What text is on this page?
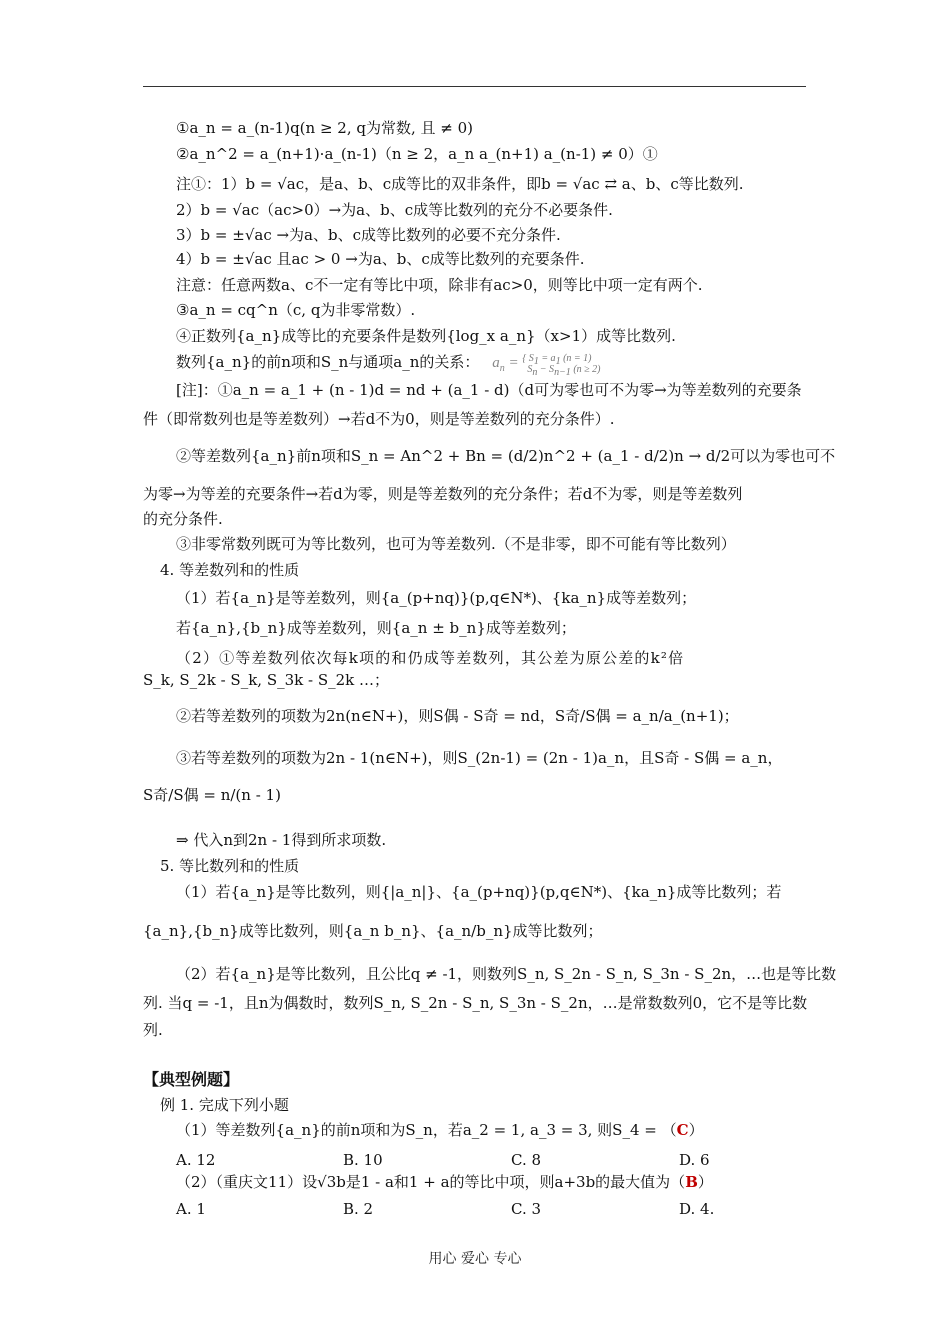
①a_n = a_(n-1)q(n ≥ 2, q为常数, 且 ≠ 0)
②a_n^2 = a_(n+1)·a_(n-1)（n ≥ 2，a_n a_(n+1) a_(n-1) ≠ 0）①
注①：1）b = √ac，是a、b、c成等比的双非条件，即b = √ac ⇄ a、b、c等比数列.
2）b = √ac（ac>0）→为a、b、c成等比数列的充分不必要条件.
3）b = ±√ac →为a、b、c成等比数列的必要不充分条件.
4）b = ±√ac 且ac > 0 →为a、b、c成等比数列的充要条件.
注意：任意两数a、c不一定有等比中项，除非有ac>0，则等比中项一定有两个.
③a_n = cq^n（c, q为非零常数）.
④正数列{a_n}成等比的充要条件是数列{log_x a_n}（x>1）成等比数列.
数列{a_n}的前n项和S_n与通项a_n的关系： $a_n$ = { $S_1 = a_1$ (n = 1)
$S_n - S_{n-1}$ (n ≥ 2)
[注]：①a_n = a_1 + (n - 1)d = nd + (a_1 - d)（d可为零也可不为零→为等差数列的充要条
件（即常数列也是等差数列）→若d不为0，则是等差数列的充分条件）.
②等差数列{a_n}前n项和S_n = An^2 + Bn = (d/2)n^2 + (a_1 - d/2)n → d/2可以为零也可不
为零→为等差的充要条件→若d为零，则是等差数列的充分条件；若d不为零，则是等差数列
的充分条件.
③非零常数列既可为等比数列，也可为等差数列.（不是非零，即不可能有等比数列）
4. 等差数列和的性质
（1）若{a_n}是等差数列，则{a_(p+nq)}(p,q∈N*)、{ka_n}成等差数列；
若{a_n},{b_n}成等差数列，则{a_n ± b_n}成等差数列；
（2）①等差数列依次每k项的和仍成等差数列，其公差为原公差的k²倍
S_k, S_2k - S_k, S_3k - S_2k …；
②若等差数列的项数为2n(n∈N+)，则S偶 - S奇 = nd，S奇/S偶 = a_n/a_(n+1)；
③若等差数列的项数为2n - 1(n∈N+)，则S_(2n-1) = (2n - 1)a_n，且S奇 - S偶 = a_n，
S奇/S偶 = n/(n - 1)
⇒ 代入n到2n - 1得到所求项数.
5. 等比数列和的性质
（1）若{a_n}是等比数列，则{|a_n|}、{a_(p+nq)}(p,q∈N*)、{ka_n}成等比数列；若
{a_n},{b_n}成等比数列，则{a_n b_n}、{a_n/b_n}成等比数列；
（2）若{a_n}是等比数列，且公比q ≠ -1，则数列S_n, S_2n - S_n, S_3n - S_2n，…也是等比数
列. 当q = -1，且n为偶数时，数列S_n, S_2n - S_n, S_3n - S_2n，…是常数数列0，它不是等比数
列.
【典型例题】
例 1. 完成下列小题
（1）等差数列{a_n}的前n项和为S_n，若a_2 = 1, a_3 = 3, 则S_4 = （C）
A. 12	B. 10	C. 8	D. 6
（2）（重庆文11）设√3b是1 - a和1 + a的等比中项，则a+3b的最大值为（B）
A. 1	B. 2	C. 3	D. 4.
用心 爱心 专心
